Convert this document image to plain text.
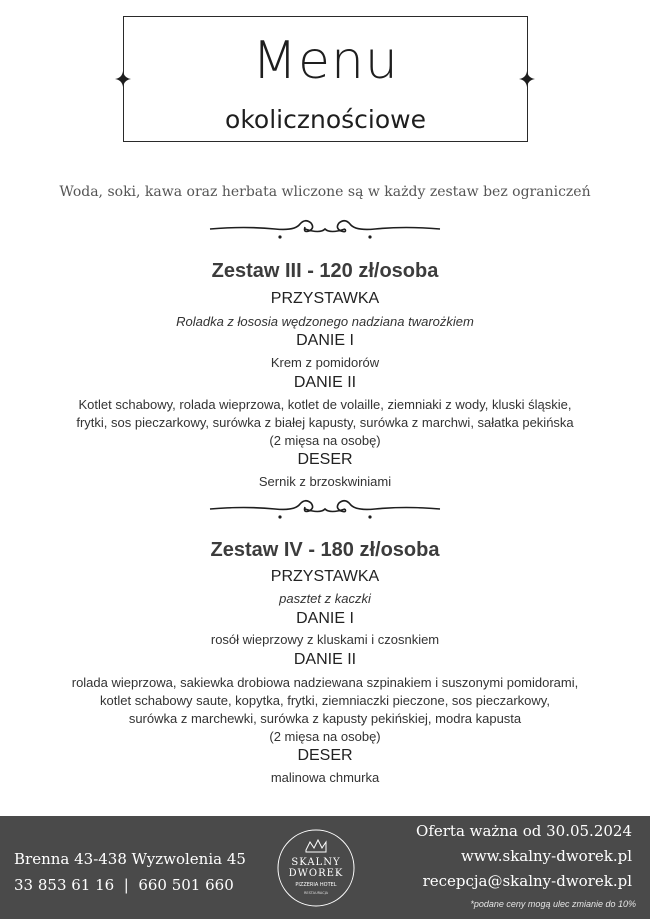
Menu
okolicznościowe
Woda, soki, kawa oraz herbata wliczone są w każdy zestaw bez ograniczeń
Zestaw III - 120 zł/osoba
PRZYSTAWKA
Roladka z łososia wędzonego nadziana twarożkiem
DANIE I
Krem z pomidorów
DANIE II
Kotlet schabowy, rolada wieprzowa, kotlet de volaille, ziemniaki z wody, kluski śląskie,
frytki, sos pieczarkowy, surówka z białej kapusty, surówka z marchwi, sałatka pekińska
(2 mięsa na osobę)
DESER
Sernik z brzoskwiniami
Zestaw IV - 180 zł/osoba
PRZYSTAWKA
pasztet z kaczki
DANIE I
rosół wieprzowy z kluskami i czosnkiem
DANIE II
rolada wieprzowa, sakiewka drobiowa nadziewana szpinakiem i suszonymi pomidorami,
kotlet schabowy saute, kopytka, frytki, ziemniaczki pieczone, sos pieczarkowy,
surówka z marchewki, surówka z kapusty pekińskiej, modra kapusta
(2 mięsa na osobę)
DESER
malinowa chmurka
Brenna 43-438 Wyzwolenia 45
33 853 61 16  |  660 501 660
SKALNY
DWOREK
PIZZERIA HOTEL
RESTAURACJA
Oferta ważna od 30.05.2024
www.skalny-dworek.pl
recepcja@skalny-dworek.pl
*podane ceny mogą ulec zmianie do 10%
